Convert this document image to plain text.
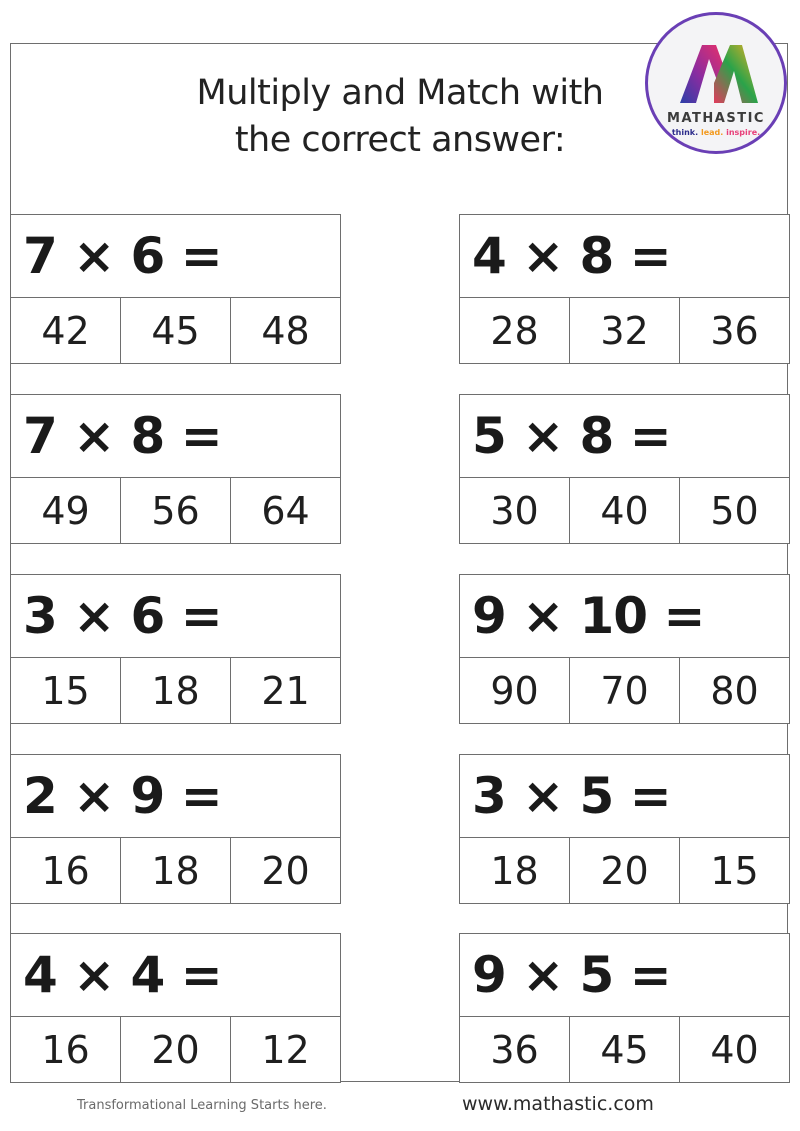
Multiply and Match with
the correct answer:
MATHASTIC
think. lead. inspire.
7 × 6 =
42	45	48
7 × 8 =
49	56	64
3 × 6 =
15	18	21
2 × 9 =
16	18	20
4 × 4 =
16	20	12
4 × 8 =
28	32	36
5 × 8 =
30	40	50
9 × 10 =
90	70	80
3 × 5 =
18	20	15
9 × 5 =
36	45	40
Transformational Learning Starts here.	www.mathastic.com
